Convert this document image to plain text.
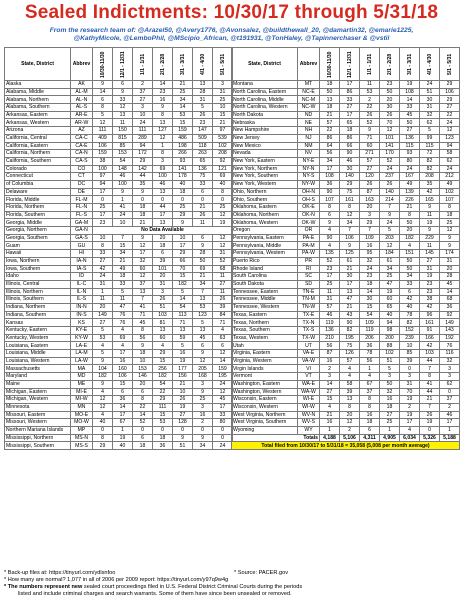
Sealed Indictments: 10/30/17 through 5/31/18
From the research team of: @Arazel50, @Avery1776, @Avonsalez, @buildthewall_20, @damartin32, @emarie1225,
@KathyMicole, @LemboPhil, @MScipio_African, @t191931, @TonHaley, @Tapinnerchaser & @vstil
State, District	Abbrev	10/30-11/30	12/1 - 12/31	1/1 - 1/31	2/1 - 2/28	3/1 - 3/31	4/1 - 4/30	5/1 - 5/31
Alaska	AK	9	6	2	14	21	13	3
Alabama, Middle	AL-M	14	9	37	23	25	28	31
Alabama, Northern	AL-N	6	33	27	16	34	31	25
Alabama, Southern	AL-S	8	12	3	9	14	5	10
Arkansas, Eastern	AR-E	5	13	10	8	53	26	15
Arkansas, Western	AR-W	12	11	24	13	15	23	21
Arizona	AZ	111	150	111	127	159	147	97
California, Central	CA-C	409	815	289	12	486	509	539
California, Eastern	CA-E	106	85	94	1	198	118	102
California, Northern	CA-N	159	153	172	8	266	263	208
California, Southern	CA-S	38	54	29	3	93	65	92
Colorado	CO	100	148	142	69	141	136	121
Connecticut	CT	97	46	44	100	178	75	69
of Columbia	DC	94	100	35	46	40	33	40
Delaware	DE	17	9	9	13	18	6	8
Florida, Middle	FL-M	0	1	0	0	0	0	0
Florida, Northern	FL-N	25	41	18	44	25	21	25
Florida, Southern	FL-S	17	24	18	17	29	26	12
Georgia, Middle	GA-M	23	10	21	13	9	11	19
Georgia, Northern	GA-N	No Data Available						
Georgia, Southern	GA-S	10	7	9	20	10	6	12
Guam	GU	8	15	12	18	17	9	12
Hawaii	HI	33	34	17	6	29	28	31
Iowa, Northern	IA-N	27	21	32	39	66	50	52
Iowa, Southern	IA-S	42	49	60	101	70	69	68
Idaho	ID	24	18	12	20	15	21	11
Illinois, Central	IL-C	31	33	37	31	182	34	27
Illinois, Northern	IL-N	1	5	13	3	5	7	11
Illinois, Southern	IL-S	11	11	7	26	14	13	26
Indiana, Northern	IN-N	20	47	41	51	54	53	39
Indiana, Southern	IN-S	149	76	71	103	113	123	84
Kansas	KS	27	76	45	81	71	5	71
Kentucky, Eastern	KY-E	5	4	8	13	13	13	4
Kentucky, Western	KY-W	53	69	56	60	59	45	63
Louisiana, Eastern	LA-E	4	4	9	4	5	6	6
Louisiana, Middle	LA-M	5	17	18	29	16	9	12
Louisiana, Western	LA-W	9	16	10	15	19	12	14
Massachusetts	MA	104	160	153	256	177	205	159
Maryland	MD	182	106	146	182	156	168	195
Maine	ME	9	15	20	54	21	3	24
Michigan, Eastern	MI-E	4	6	6	22	10	9	12
Michigan, Western	MI-W	12	36	8	29	26	25	45
Minnesota	MN	12	14	22	111	19	3	17
Missouri, Eastern	MO-E	4	17	14	15	27	16	33
Missouri, Western	MO-W	40	67	52	53	128	2	80
Northern Mariana Islands	MP	0	1	0	0	0	0	0
Mississippi, Northern	MS-N	8	19	6	18	9	9	0
Mississippi, Southern	MS-S	29	40	18	36	51	34	24
State, District	Abbrev	10/30-11/30	12/1 - 12/31	1/1 - 1/31	2/1 - 2/28	3/1 - 3/31	4/1 - 4/30	5/1 - 5/31
Montana	MT	18	17	11	23	19	24	29
North Carolina, Eastern	NC-E	50	86	53	50	108	51	106
North Carolina, Middle	NC-M	13	33	2	20	14	30	29
North Carolina, Western	NC-W	18	27	22	30	33	31	27
North Dakota	ND	21	17	26	26	45	32	22
Nebraska	NE	57	65	52	70	50	62	24
New Hampshire	NH	22	18	9	12	27	5	12
New Jersey	NJ	86	86	71	101	136	99	123
New Mexico	NM	64	66	60	141	115	115	94
Nevada	NV	56	90	271	170	93	72	58
New York, Eastern	NY-E	34	46	57	52	80	82	62
New York, Northern	NY-N	17	30	27	24	24	82	24
New York, Southern	NY-S	108	140	120	237	167	208	212
New York, Western	NY-W	36	29	26	26	49	35	49
Ohio, Northern	OH-N	90	75	87	140	139	42	102
Ohio, Southern	OH-S	107	161	163	214	226	165	107
Oklahoma, Eastern	OK-E	8	8	20	7	21	9	8
Oklahoma, Northern	OK-N	6	12	3	9	8	11	18
Oklahoma, Western	OK-W	9	34	29	24	50	19	25
Oregon	OR	4	7	7	5	20	9	12
Pennsylvania, Eastern	PA-E	90	106	109	203	182	229	9
Pennsylvania, Middle	PA-M	4	9	16	12	4	11	9
Pennsylvania, Western	PA-W	135	125	95	184	151	145	174
Puerto Rico	PR	52	61	32	61	50	27	31
Rhode Island	RI	23	21	24	34	50	31	20
South Carolina	SC	17	30	23	25	34	19	28
South Dakota	SD	25	17	18	47	33	23	45
Tennessee, Eastern	TN-E	11	13	14	19	6	23	14
Tennessee, Middle	TN-M	31	47	30	60	42	38	68
Tennessee, Western	TN-W	57	21	15	65	40	42	36
Texas, Eastern	TX-E	46	43	54	40	78	96	92
Texas, Northern	TX-N	119	90	109	94	82	161	149
Texas, Southern	TX-S	136	82	119	98	152	91	143
Texas, Western	TX-W	210	195	206	200	239	166	192
Utah	UT	56	75	36	88	10	42	76
Virginia, Eastern	VA-E	87	126	78	102	85	103	116
Virginia, Western	VA-W	16	57	56	51	39	44	32
Virgin Islands	VI	2	4	1	5	0	7	3
Vermont	VT	3	4	4	3	3	8	3
Washington, Eastern	WA-E	14	58	67	50	31	41	62
Washington, Western	WA-W	27	39	37	32	70	44	0
Wisconsin, Eastern	WI-E	15	13	8	16	19	21	37
Wisconsin, Western	WI-W	4	8	8	18	2	7	2
West Virginia, Northern	WV-N	21	20	16	27	19	26	46
West Virginia, Southern	WV-S	16	12	18	25	17	19	17
Wyoming	WY	1	2	6	1	4	0	1
Totals		4,188	5,106	4,311	4,905	6,034	5,326	5,188
Total filed from 10/30/17 to 5/31/18 = 35,058 (5,008 per month average)								
* Back-up files at: https://tinyurl.com/ydlsnfoo	* Source: PACER.gov
* How many are normal? 1,077 in all of 2006 per 2009 report: https://tinyurl.com/y97q9w4g
* The numbers represent new sealed court proceedings filed in U.S. Federal District Criminal Courts during the periods
listed and include criminal charges and search warrants. Some of them have since been unsealed or removed.
